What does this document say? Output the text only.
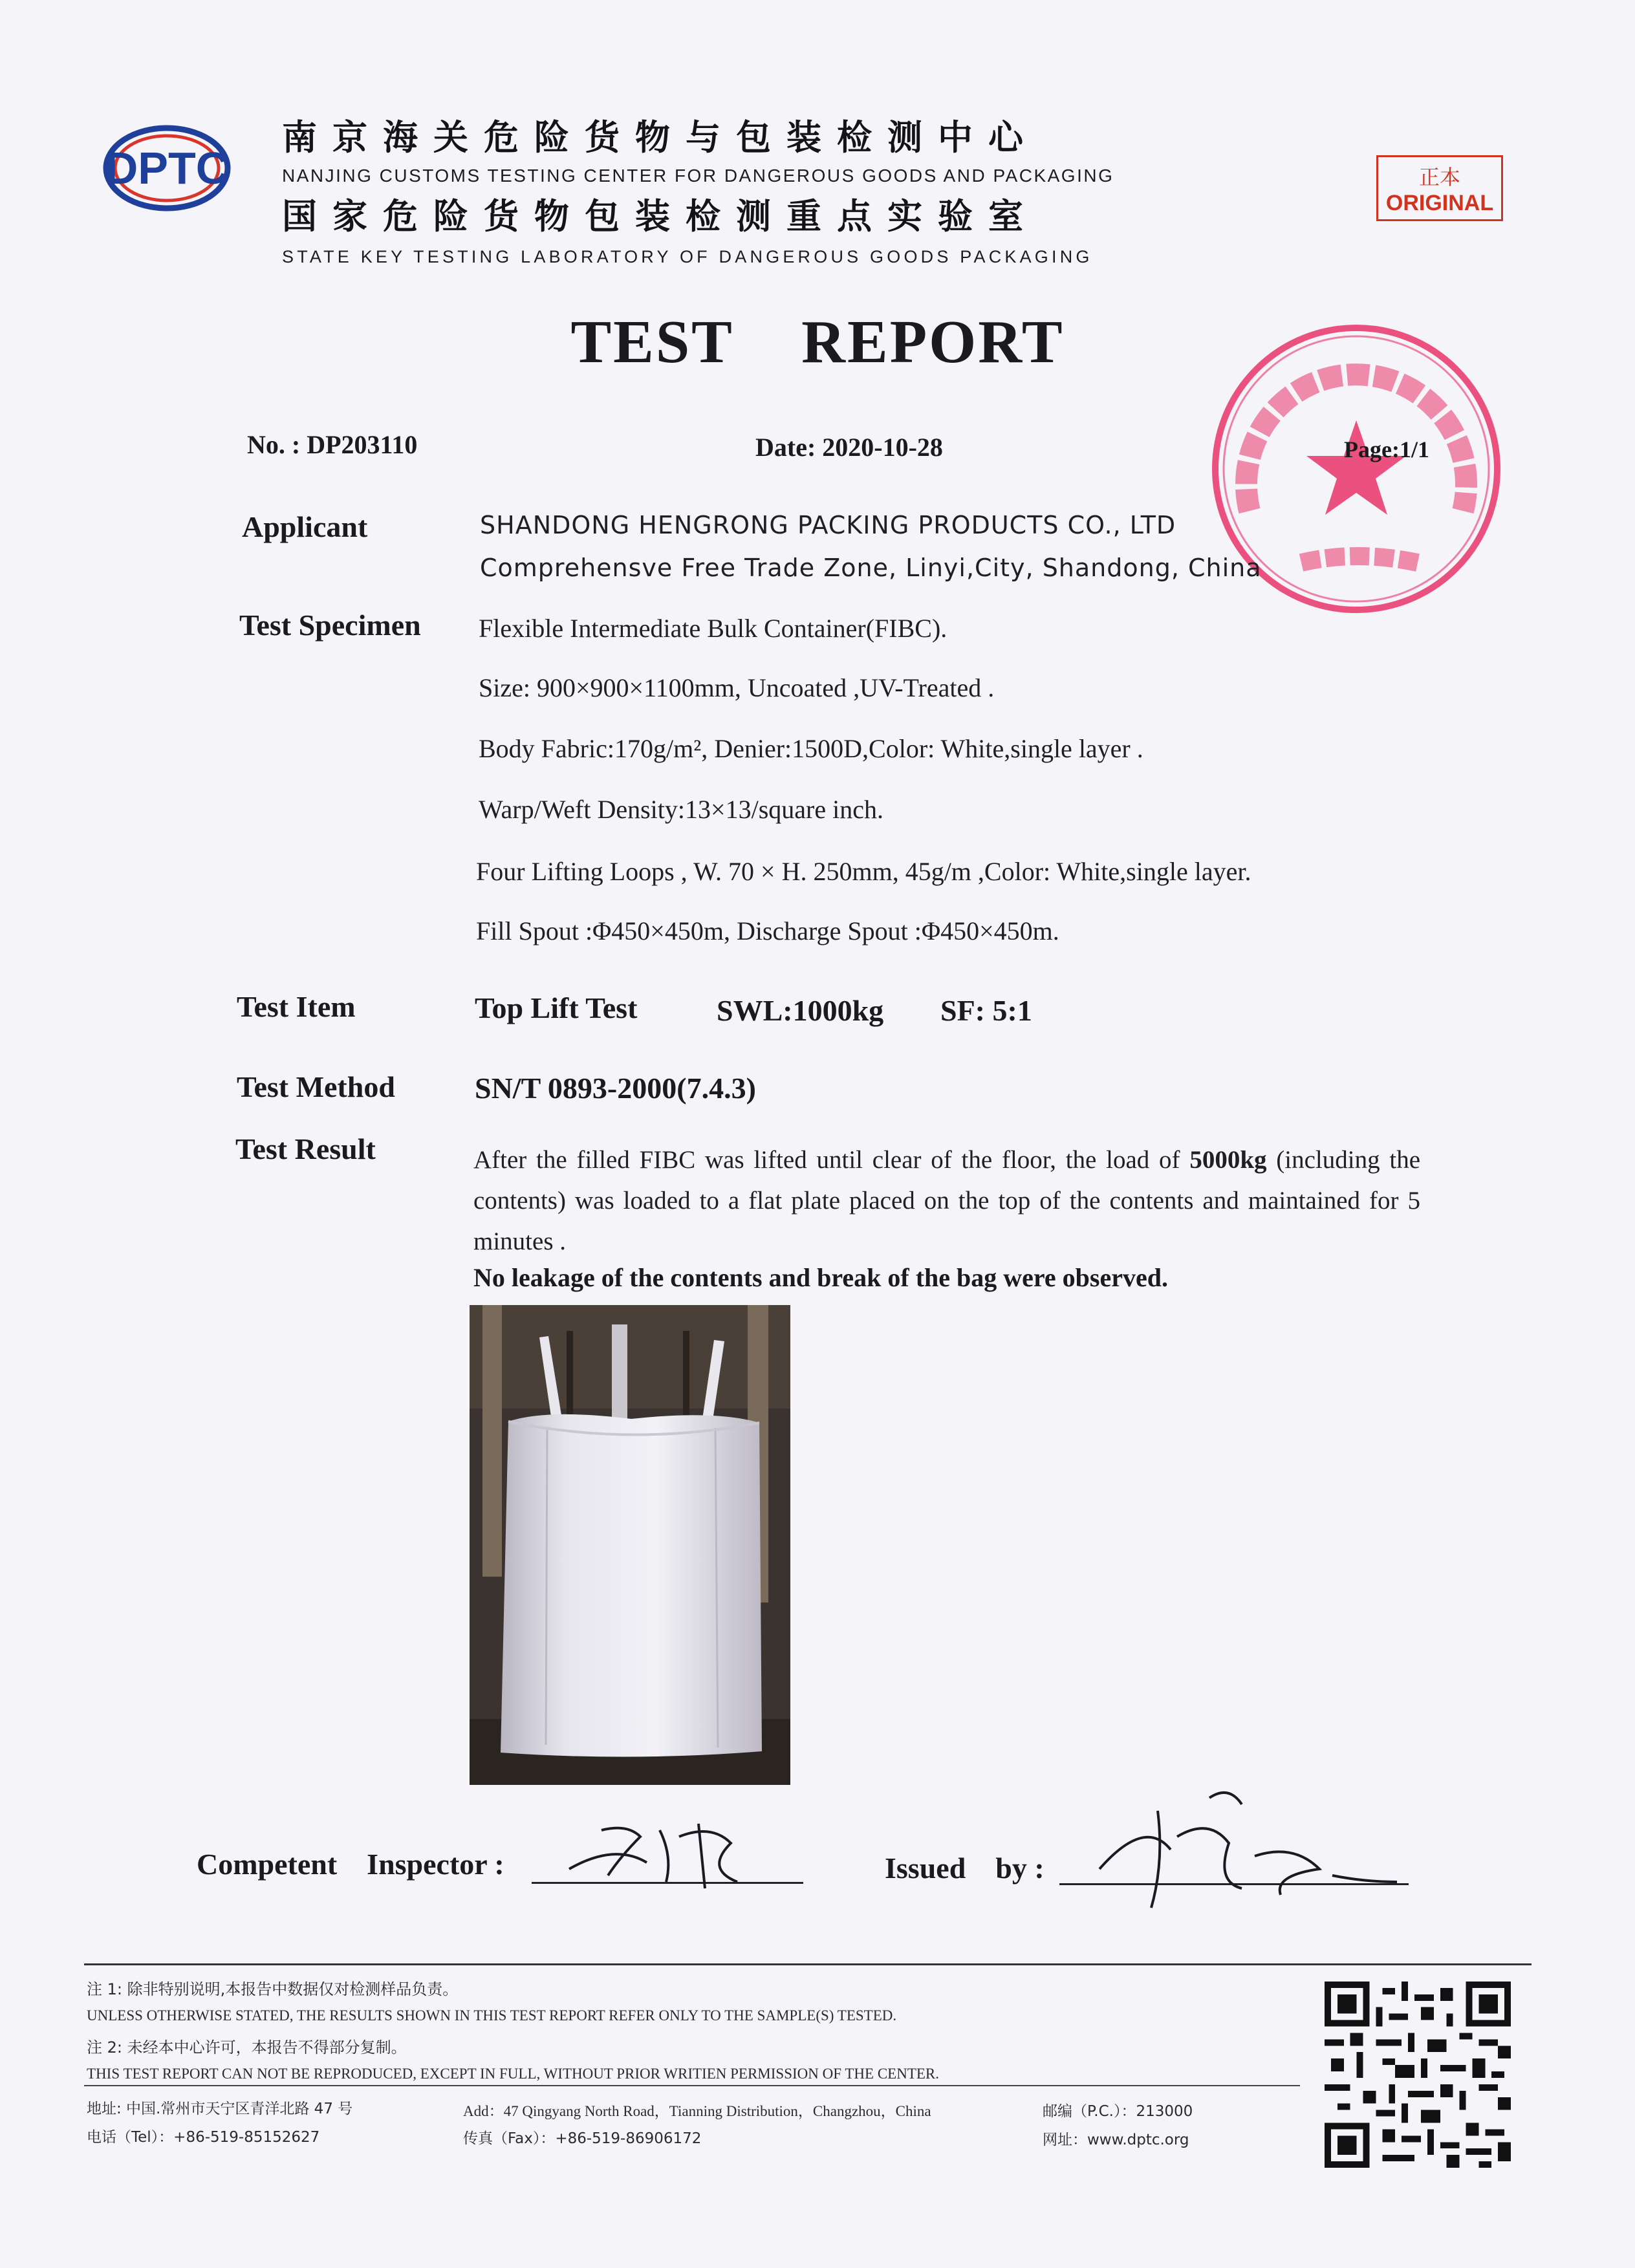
DPTC
南京海关危险货物与包装检测中心
NANJING CUSTOMS TESTING CENTER FOR DANGEROUS GOODS AND PACKAGING
国家危险货物包装检测重点实验室
STATE KEY TESTING LABORATORY OF DANGEROUS GOODS PACKAGING
正本
ORIGINAL
TEST    REPORT
No. : DP203110	Date: 2020-10-28	Page:1/1
Applicant	SHANDONG HENGRONG PACKING PRODUCTS CO., LTD
Comprehensve Free Trade Zone, Linyi,City, Shandong, China
Test Specimen Flexible Intermediate Bulk Container(FIBC).
Size: 900×900×1100mm, Uncoated ,UV-Treated .
Body Fabric:170g/m², Denier:1500D,Color: White,single layer .
Warp/Weft Density:13×13/square inch.
Four Lifting Loops , W. 70 × H. 250mm, 45g/m ,Color: White,single layer.
Fill Spout :Φ450×450m, Discharge Spout :Φ450×450m.
Test Item	Top Lift Test	SWL:1000kg SF: 5:1
Test Method	SN/T 0893-2000(7.4.3)
Test Result	After the filled FIBC was lifted until clear of the floor, the load of 5000kg (including the contents) was loaded to a flat plate placed on the top of the contents and maintained for 5 minutes .
No leakage of the contents and break of the bag were observed.
Competent    Inspector :	Issued    by :
注 1: 除非特别说明,本报告中数据仅对检测样品负责。
UNLESS OTHERWISE STATED, THE RESULTS SHOWN IN THIS TEST REPORT REFER ONLY TO THE SAMPLE(S) TESTED.
注 2: 未经本中心许可，本报告不得部分复制。
THIS TEST REPORT CAN NOT BE REPRODUCED, EXCEPT IN FULL, WITHOUT PRIOR WRITIEN PERMISSION OF THE CENTER.
地址: 中国.常州市天宁区青洋北路 47 号
电话（Tel）：+86-519-85152627
Add：47 Qingyang North Road，Tianning Distribution，Changzhou，China
传真（Fax）：+86-519-86906172
邮编（P.C.）：213000
网址：www.dptc.org
